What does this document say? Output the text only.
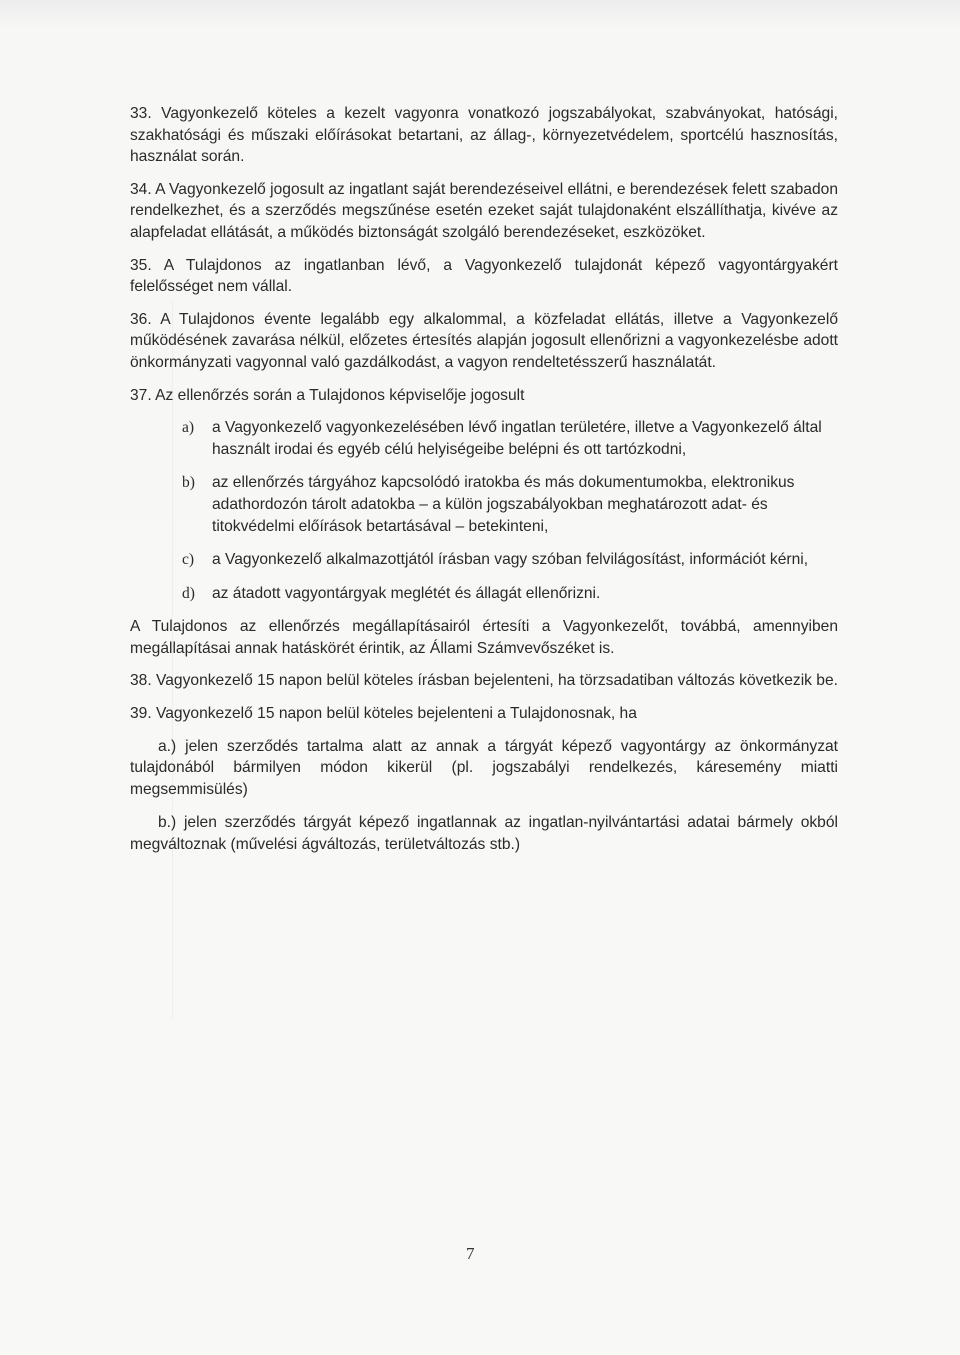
33. Vagyonkezelő köteles a kezelt vagyonra vonatkozó jogszabályokat, szabványokat, hatósági, szakhatósági és műszaki előírásokat betartani, az állag-, környezetvédelem, sportcélú hasznosítás, használat során.

34. A Vagyonkezelő jogosult az ingatlant saját berendezéseivel ellátni, e berendezések felett szabadon rendelkezhet, és a szerződés megszűnése esetén ezeket saját tulajdonaként elszállíthatja, kivéve az alapfeladat ellátását, a működés biztonságát szolgáló berendezéseket, eszközöket.

35. A Tulajdonos az ingatlanban lévő, a Vagyonkezelő tulajdonát képező vagyontárgyakért felelősséget nem vállal.

36. A Tulajdonos évente legalább egy alkalommal, a közfeladat ellátás, illetve a Vagyonkezelő működésének zavarása nélkül, előzetes értesítés alapján jogosult ellenőrizni a vagyonkezelésbe adott önkormányzati vagyonnal való gazdálkodást, a vagyon rendeltetésszerű használatát.

37. Az ellenőrzés során a Tulajdonos képviselője jogosult

a) a Vagyonkezelő vagyonkezelésében lévő ingatlan területére, illetve a Vagyonkezelő által használt irodai és egyéb célú helyiségeibe belépni és ott tartózkodni,
b) az ellenőrzés tárgyához kapcsolódó iratokba és más dokumentumokba, elektronikus adathordozón tárolt adatokba – a külön jogszabályokban meghatározott adat- és titokvédelmi előírások betartásával – betekinteni,
c) a Vagyonkezelő alkalmazottjától írásban vagy szóban felvilágosítást, információt kérni,
d) az átadott vagyontárgyak meglétét és állagát ellenőrizni.

A Tulajdonos az ellenőrzés megállapításairól értesíti a Vagyonkezelőt, továbbá, amennyiben megállapításai annak hatáskörét érintik, az Állami Számvevőszéket is.

38. Vagyonkezelő 15 napon belül köteles írásban bejelenteni, ha törzsadatiban változás következik be.

39. Vagyonkezelő 15 napon belül köteles bejelenteni a Tulajdonosnak, ha

a.) jelen szerződés tartalma alatt az annak a tárgyát képező vagyontárgy az önkormányzat tulajdonából bármilyen módon kikerül (pl. jogszabályi rendelkezés, káresemény miatti megsemmisülés)

b.) jelen szerződés tárgyát képező ingatlannak az ingatlan-nyilvántartási adatai bármely okból megváltoznak (művelési ágváltozás, területváltozás stb.)

7
